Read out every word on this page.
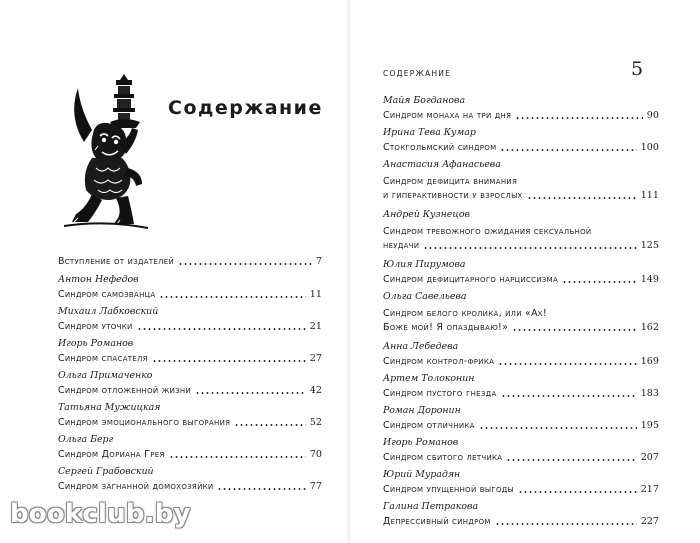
Содержание
Вступление от издателей	7
Антон Нефедов
Синдром самозванца	11
Михаил Лабковский
Синдром уточки	21
Игорь Романов
Синдром спасателя	27
Ольга Примаченко
Синдром отложенной жизни	42
Татьяна Мужицкая
Синдром эмоционального выгорания	52
Ольга Берг
Синдром Дориана Грея	70
Сергей Грабовский
Синдром загнанной домохозяйки	77
bookclub.by
СОДЕРЖАНИЕ	5
Майя Богданова
Синдром монаха на три дня	90
Ирина Тева Кумар
Стокгольмский синдром	100
Анастасия Афанасьева
Синдром дефицита внимания
и гиперактивности у взрослых	111
Андрей Кузнецов
Синдром тревожного ожидания сексуальной
неудачи	125
Юлия Пирумова
Синдром дефицитарного нарциссизма	149
Ольга Савельева
Синдром белого кролика, или «Ах!
Боже мой! Я опаздываю!»	162
Анна Лебедева
Синдром контрол-фрика	169
Артем Толоконин
Синдром пустого гнезда	183
Роман Доронин
Синдром отличника	195
Игорь Романов
Синдром сбитого летчика	207
Юрий Мурадян
Синдром упущенной выгоды	217
Галина Петракова
Депрессивный синдром	227
